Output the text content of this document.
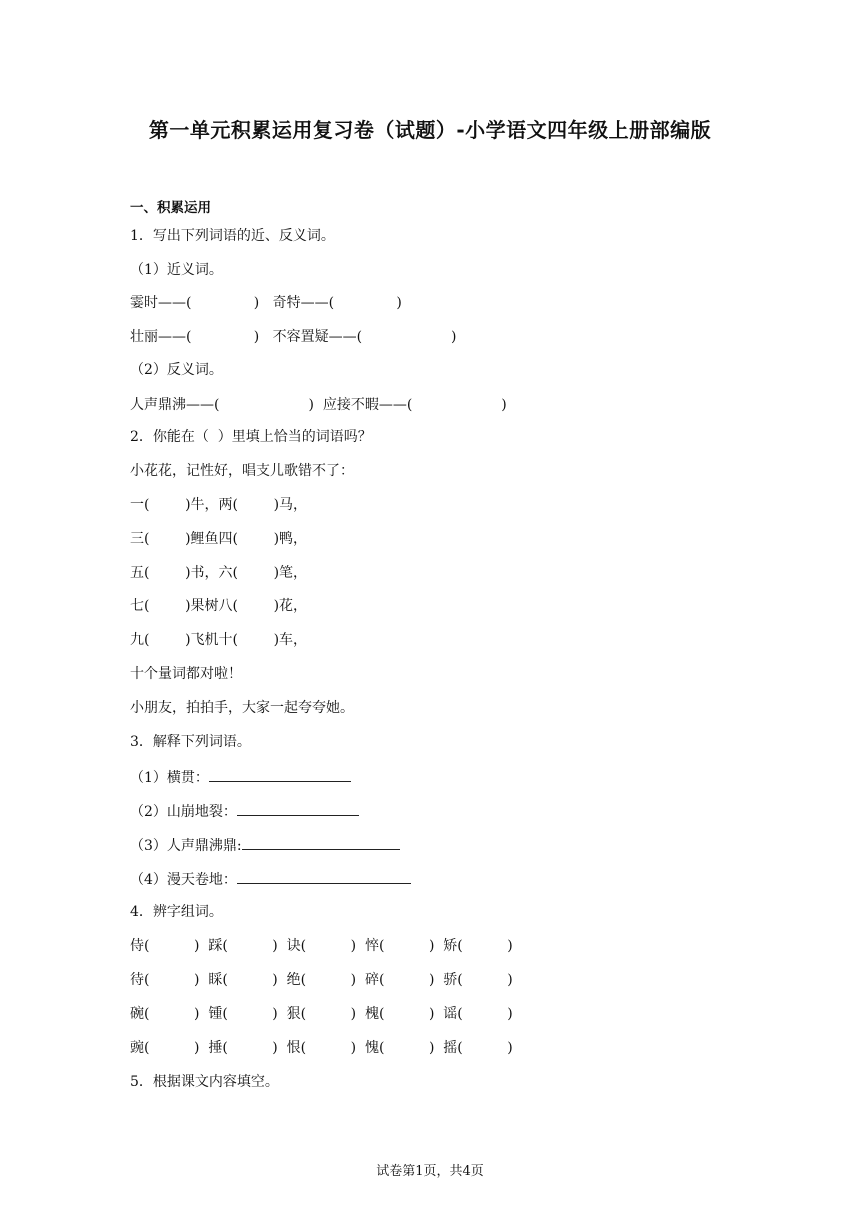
第一单元积累运用复习卷（试题）-小学语文四年级上册部编版
一、积累运用
1．写出下列词语的近、反义词。
（1）近义词。
霎时——(              )   奇特——(              )
壮丽——(              )   不容置疑——(                    )
（2）反义词。
人声鼎沸——(                    )  应接不暇——(                    )
2．你能在（  ）里填上恰当的词语吗？
小花花，记性好，唱支儿歌错不了：
一(        )牛，两(        )马，
三(        )鲤鱼四(        )鸭，
五(        )书，六(        )笔，
七(        )果树八(        )花，
九(        )飞机十(        )车，
十个量词都对啦！
小朋友，拍拍手，大家一起夸夸她。
3．解释下列词语。
（1）横贯：
（2）山崩地裂：
（3）人声鼎沸鼎:
（4）漫天卷地：
4．辨字组词。
侍(          )  踩(          )  诀(          )  悴(          )  矫(          )
待(          )  睬(          )  绝(          )  碎(          )  骄(          )
碗(          )  锺(          )  狠(          )  槐(          )  谣(          )
豌(          )  捶(          )  恨(          )  愧(          )  摇(          )
5．根据课文内容填空。
试卷第1页，共4页
